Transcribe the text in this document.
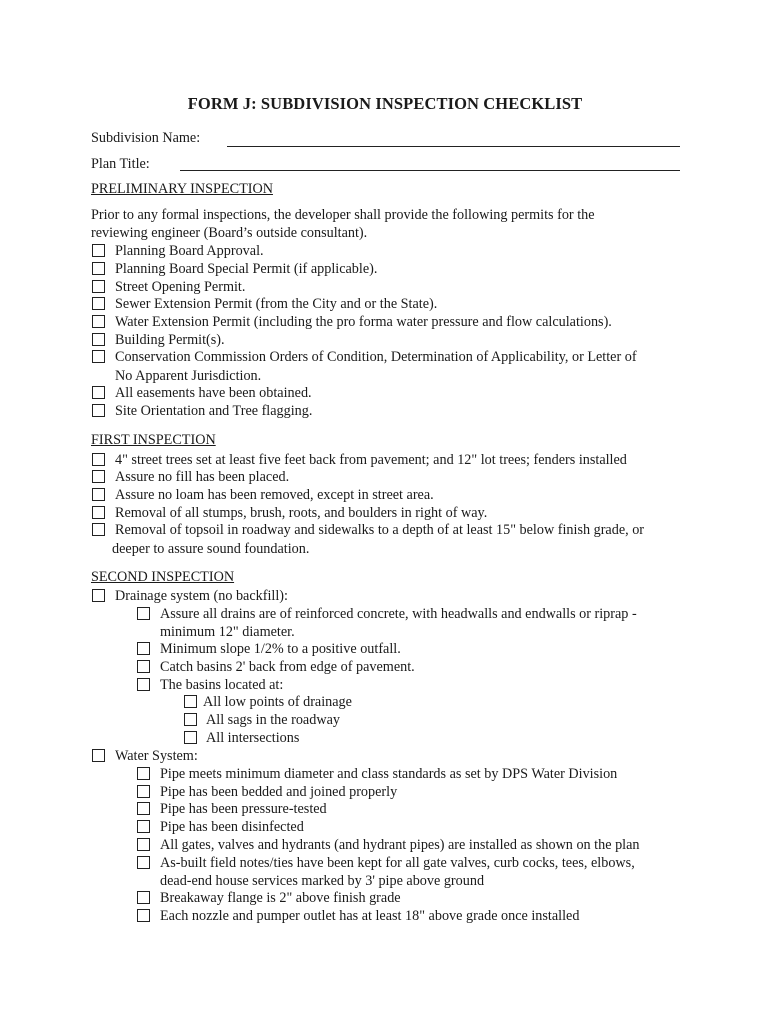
FORM J: SUBDIVISION INSPECTION CHECKLIST
Subdivision Name:
Plan Title:
PRELIMINARY INSPECTION
Prior to any formal inspections, the developer shall provide the following permits for the
reviewing engineer (Board’s outside consultant).
Planning Board Approval.
Planning Board Special Permit (if applicable).
Street Opening Permit.
Sewer Extension Permit (from the City and or the State).
Water Extension Permit (including the pro forma water pressure and flow calculations).
Building Permit(s).
Conservation Commission Orders of Condition, Determination of Applicability, or Letter of
No Apparent Jurisdiction.
All easements have been obtained.
Site Orientation and Tree flagging.
FIRST INSPECTION
4" street trees set at least five feet back from pavement; and 12" lot trees; fenders installed
Assure no fill has been placed.
Assure no loam has been removed, except in street area.
Removal of all stumps, brush, roots, and boulders in right of way.
Removal of topsoil in roadway and sidewalks to a depth of at least 15" below finish grade, or
deeper to assure sound foundation.
SECOND INSPECTION
Drainage system (no backfill):
Assure all drains are of reinforced concrete, with headwalls and endwalls or riprap -
minimum 12" diameter.
Minimum slope 1/2% to a positive outfall.
Catch basins 2' back from edge of pavement.
The basins located at:
All low points of drainage
All sags in the roadway
All intersections
Water System:
Pipe meets minimum diameter and class standards as set by DPS Water Division
Pipe has been bedded and joined properly
Pipe has been pressure-tested
Pipe has been disinfected
All gates, valves and hydrants (and hydrant pipes) are installed as shown on the plan
As-built field notes/ties have been kept for all gate valves, curb cocks, tees, elbows,
dead-end house services marked by 3' pipe above ground
Breakaway flange is 2" above finish grade
Each nozzle and pumper outlet has at least 18" above grade once installed
